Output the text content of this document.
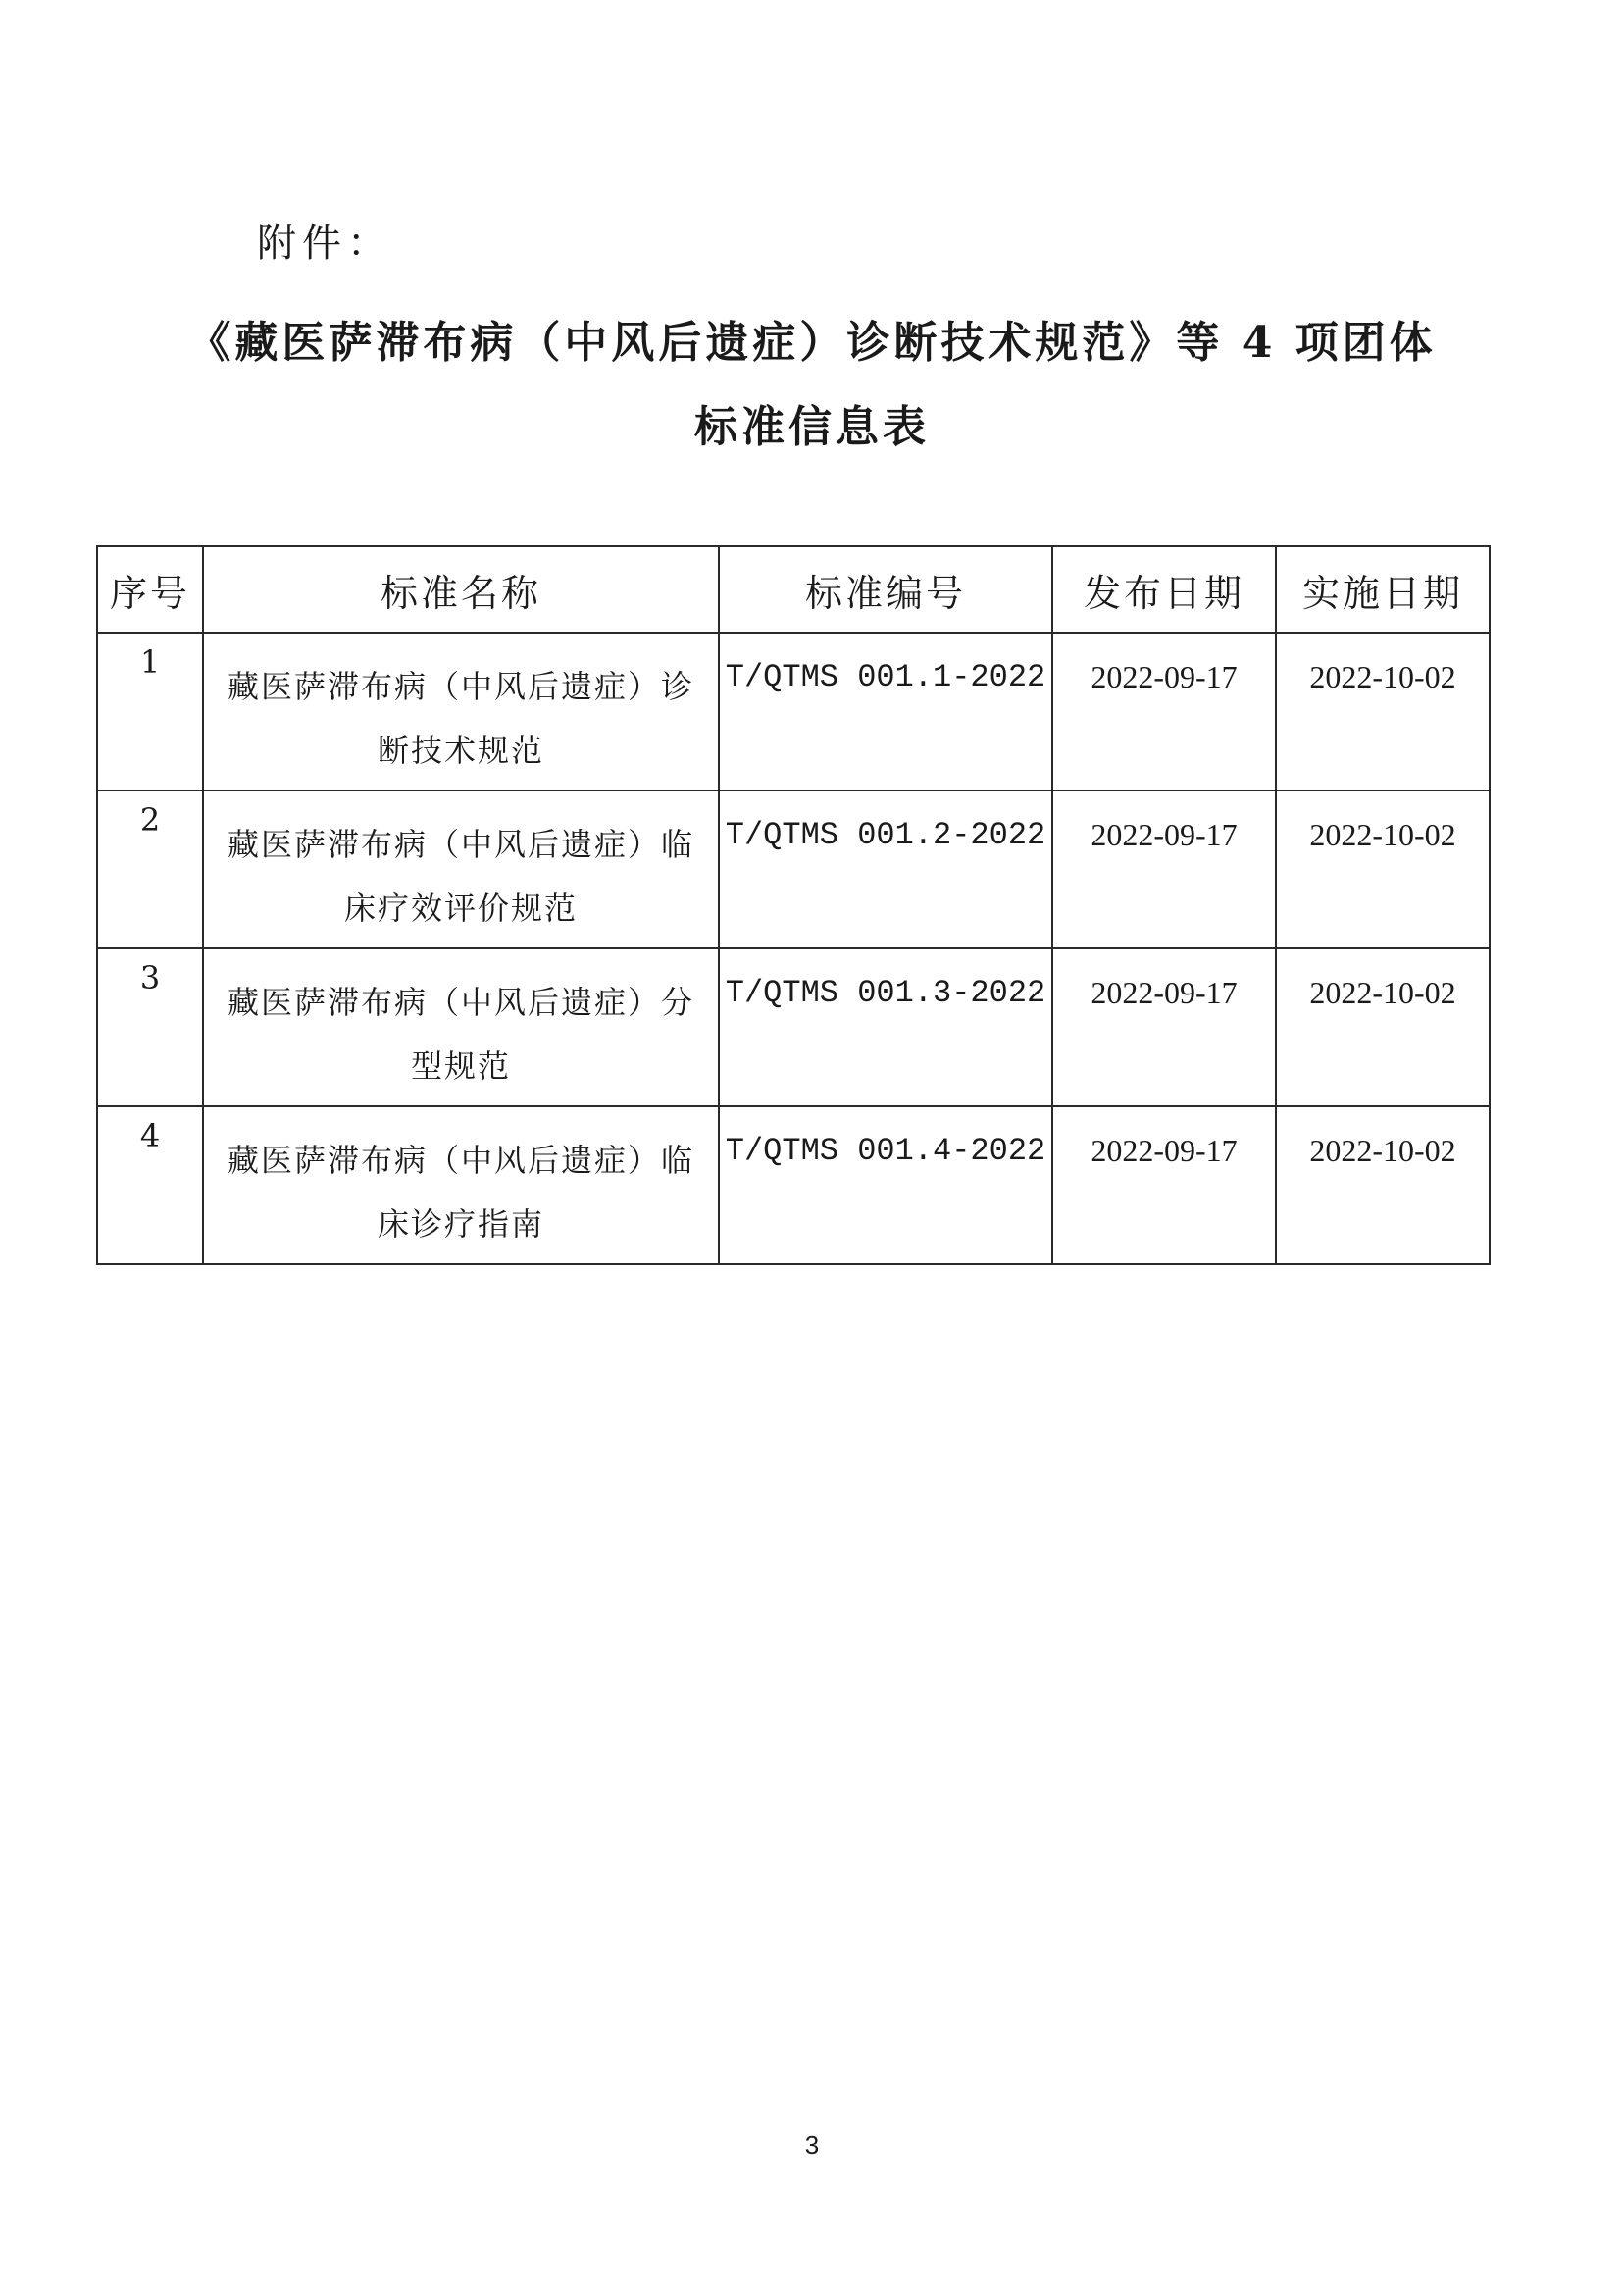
附件：
《藏医萨滞布病（中风后遗症）诊断技术规范》等 4 项团体
标准信息表
序号	标准名称	标准编号	发布日期	实施日期
1	藏医萨滞布病（中风后遗症）诊断技术规范	T/QTMS 001.1-2022	2022-09-17	2022-10-02
2	藏医萨滞布病（中风后遗症）临床疗效评价规范	T/QTMS 001.2-2022	2022-09-17	2022-10-02
3	藏医萨滞布病（中风后遗症）分型规范	T/QTMS 001.3-2022	2022-09-17	2022-10-02
4	藏医萨滞布病（中风后遗症）临床诊疗指南	T/QTMS 001.4-2022	2022-09-17	2022-10-02
3
